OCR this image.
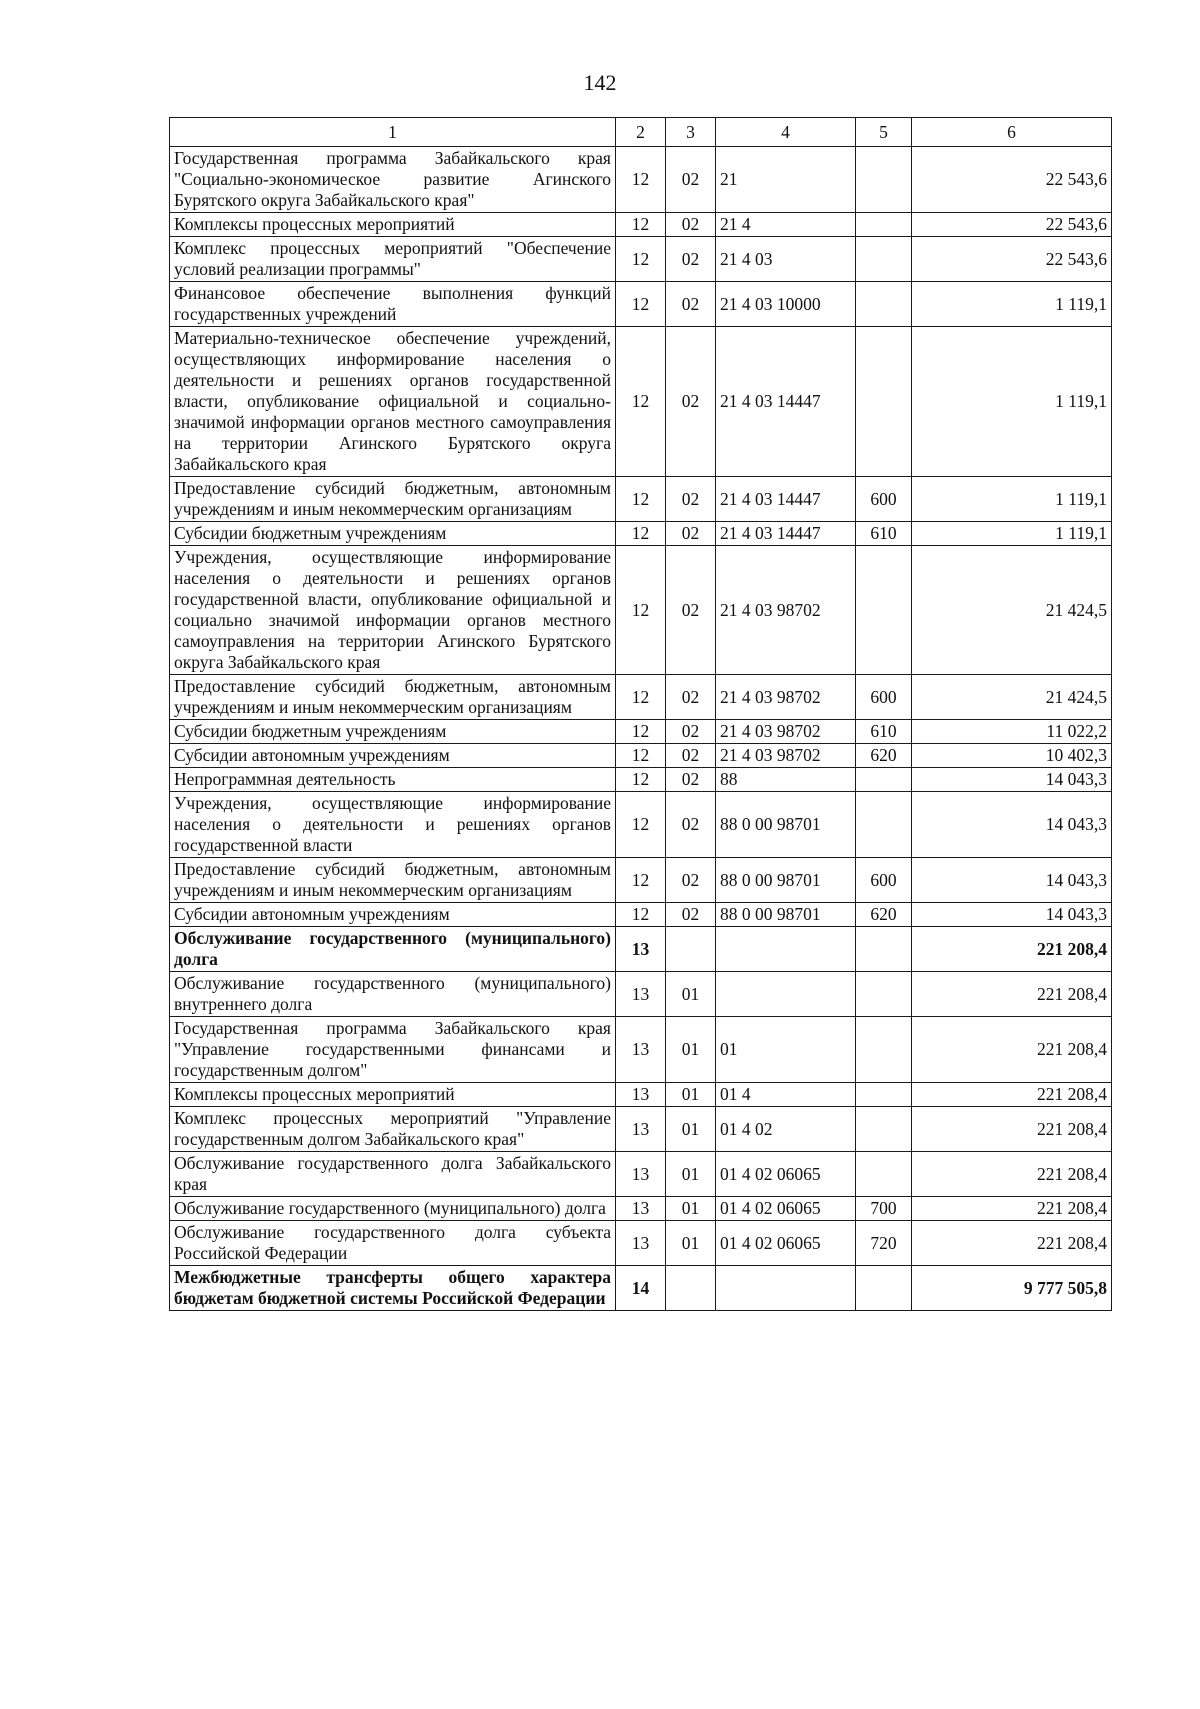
142
1	2	3	4	5	6
Государственная программа Забайкальского края "Социально-экономическое развитие Агинского Бурятского округа Забайкальского края"	12	02	21		22 543,6
Комплексы процессных мероприятий	12	02	21 4		22 543,6
Комплекс процессных мероприятий "Обеспечение условий реализации программы"	12	02	21 4 03		22 543,6
Финансовое обеспечение выполнения функций государственных учреждений	12	02	21 4 03 10000		1 119,1
Материально-техническое обеспечение учреждений, осуществляющих информирование населения о деятельности и решениях органов государственной власти, опубликование официальной и социально-значимой информации органов местного самоуправления на территории Агинского Бурятского округа Забайкальского края	12	02	21 4 03 14447		1 119,1
Предоставление субсидий бюджетным, автономным учреждениям и иным некоммерческим организациям	12	02	21 4 03 14447	600	1 119,1
Субсидии бюджетным учреждениям	12	02	21 4 03 14447	610	1 119,1
Учреждения, осуществляющие информирование населения о деятельности и решениях органов государственной власти, опубликование официальной и социально значимой информации органов местного самоуправления на территории Агинского Бурятского округа Забайкальского края	12	02	21 4 03 98702		21 424,5
Предоставление субсидий бюджетным, автономным учреждениям и иным некоммерческим организациям	12	02	21 4 03 98702	600	21 424,5
Субсидии бюджетным учреждениям	12	02	21 4 03 98702	610	11 022,2
Субсидии автономным учреждениям	12	02	21 4 03 98702	620	10 402,3
Непрограммная деятельность	12	02	88		14 043,3
Учреждения, осуществляющие информирование населения о деятельности и решениях органов государственной власти	12	02	88 0 00 98701		14 043,3
Предоставление субсидий бюджетным, автономным учреждениям и иным некоммерческим организациям	12	02	88 0 00 98701	600	14 043,3
Субсидии автономным учреждениям	12	02	88 0 00 98701	620	14 043,3
Обслуживание государственного (муниципального) долга	13				221 208,4
Обслуживание государственного (муниципального) внутреннего долга	13	01			221 208,4
Государственная программа Забайкальского края "Управление государственными финансами и государственным долгом"	13	01	01		221 208,4
Комплексы процессных мероприятий	13	01	01 4		221 208,4
Комплекс процессных мероприятий "Управление государственным долгом Забайкальского края"	13	01	01 4 02		221 208,4
Обслуживание государственного долга Забайкальского края	13	01	01 4 02 06065		221 208,4
Обслуживание государственного (муниципального) долга	13	01	01 4 02 06065	700	221 208,4
Обслуживание государственного долга субъекта Российской Федерации	13	01	01 4 02 06065	720	221 208,4
Межбюджетные трансферты общего характера бюджетам бюджетной системы Российской Федерации	14				9 777 505,8
